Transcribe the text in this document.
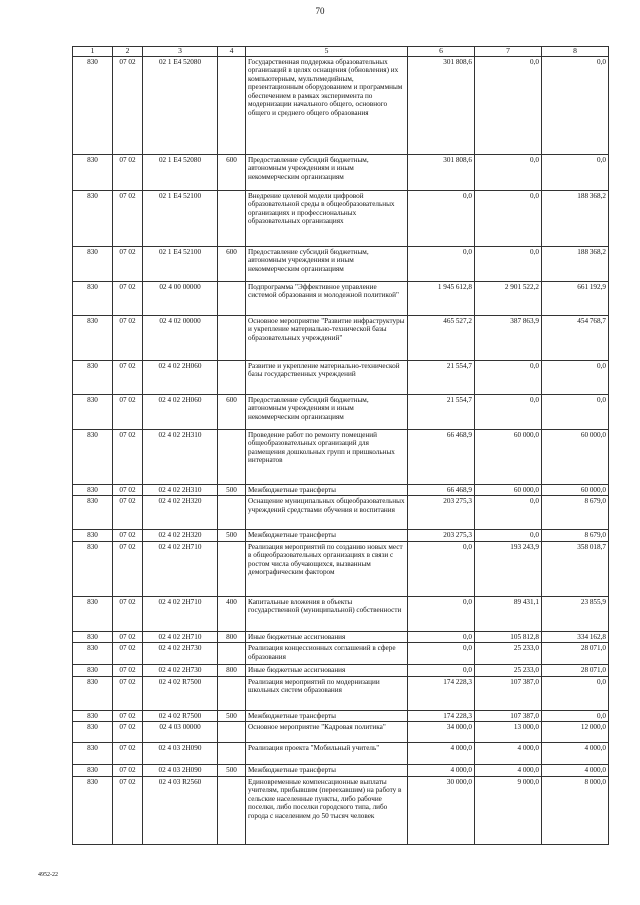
70
1	2	3	4	5	6	7	8
830	07 02	02 1 E4 52080		Государственная поддержка образовательных организаций в целях оснащения (обновления) их компьютерным, мультимедийным, презентационным оборудованием и программным обеспечением в рамках эксперимента по модернизации начального общего, основного общего и среднего общего образования	301 808,6	0,0	0,0
830	07 02	02 1 E4 52080	600	Предоставление субсидий бюджетным, автономным учреждениям и иным некоммерческим организациям	301 808,6	0,0	0,0
830	07 02	02 1 E4 52100		Внедрение целевой модели цифровой образовательной среды в общеобразовательных организациях и профессиональных образовательных организациях	0,0	0,0	188 368,2
830	07 02	02 1 E4 52100	600	Предоставление субсидий бюджетным, автономным учреждениям и иным некоммерческим организациям	0,0	0,0	188 368,2
830	07 02	02 4 00 00000		Подпрограмма "Эффективное управление системой образования и молодежной политикой"	1 945 612,8	2 901 522,2	661 192,9
830	07 02	02 4 02 00000		Основное мероприятие "Развитие инфраструктуры и укрепление материально-технической базы образовательных учреждений"	465 527,2	387 863,9	454 768,7
830	07 02	02 4 02 2Н060		Развитие и укрепление материально-технической базы государственных учреждений	21 554,7	0,0	0,0
830	07 02	02 4 02 2Н060	600	Предоставление субсидий бюджетным, автономным учреждениям и иным некоммерческим организациям	21 554,7	0,0	0,0
830	07 02	02 4 02 2Н310		Проведение работ по ремонту помещений общеобразовательных организаций для размещения дошкольных групп и пришкольных интернатов	66 468,9	60 000,0	60 000,0
830	07 02	02 4 02 2Н310	500	Межбюджетные трансферты	66 468,9	60 000,0	60 000,0
830	07 02	02 4 02 2Н320		Оснащение муниципальных общеобразовательных учреждений средствами обучения и воспитания	203 275,3	0,0	8 679,0
830	07 02	02 4 02 2Н320	500	Межбюджетные трансферты	203 275,3	0,0	8 679,0
830	07 02	02 4 02 2Н710		Реализация мероприятий по созданию новых мест в общеобразовательных организациях в связи с ростом числа обучающихся, вызванным демографическим фактором	0,0	193 243,9	358 018,7
830	07 02	02 4 02 2Н710	400	Капитальные вложения в объекты государственной (муниципальной) собственности	0,0	89 431,1	23 855,9
830	07 02	02 4 02 2Н710	800	Иные бюджетные ассигнования	0,0	105 812,8	334 162,8
830	07 02	02 4 02 2Н730		Реализация концессионных соглашений в сфере образования	0,0	25 233,0	28 071,0
830	07 02	02 4 02 2Н730	800	Иные бюджетные ассигнования	0,0	25 233,0	28 071,0
830	07 02	02 4 02 R7500		Реализация мероприятий по модернизации школьных систем образования	174 228,3	107 387,0	0,0
830	07 02	02 4 02 R7500	500	Межбюджетные трансферты	174 228,3	107 387,0	0,0
830	07 02	02 4 03 00000		Основное мероприятие "Кадровая политика"	34 000,0	13 000,0	12 000,0
830	07 02	02 4 03 2Н090		Реализация проекта "Мобильный учитель"	4 000,0	4 000,0	4 000,0
830	07 02	02 4 03 2Н090	500	Межбюджетные трансферты	4 000,0	4 000,0	4 000,0
830	07 02	02 4 03 R2560		Единовременные компенсационные выплаты учителям, прибывшим (переехавшим) на работу в сельские населенные пункты, либо рабочие поселки, либо поселки городского типа, либо города с населением до 50 тысяч человек	30 000,0	9 000,0	8 000,0
4952-22
